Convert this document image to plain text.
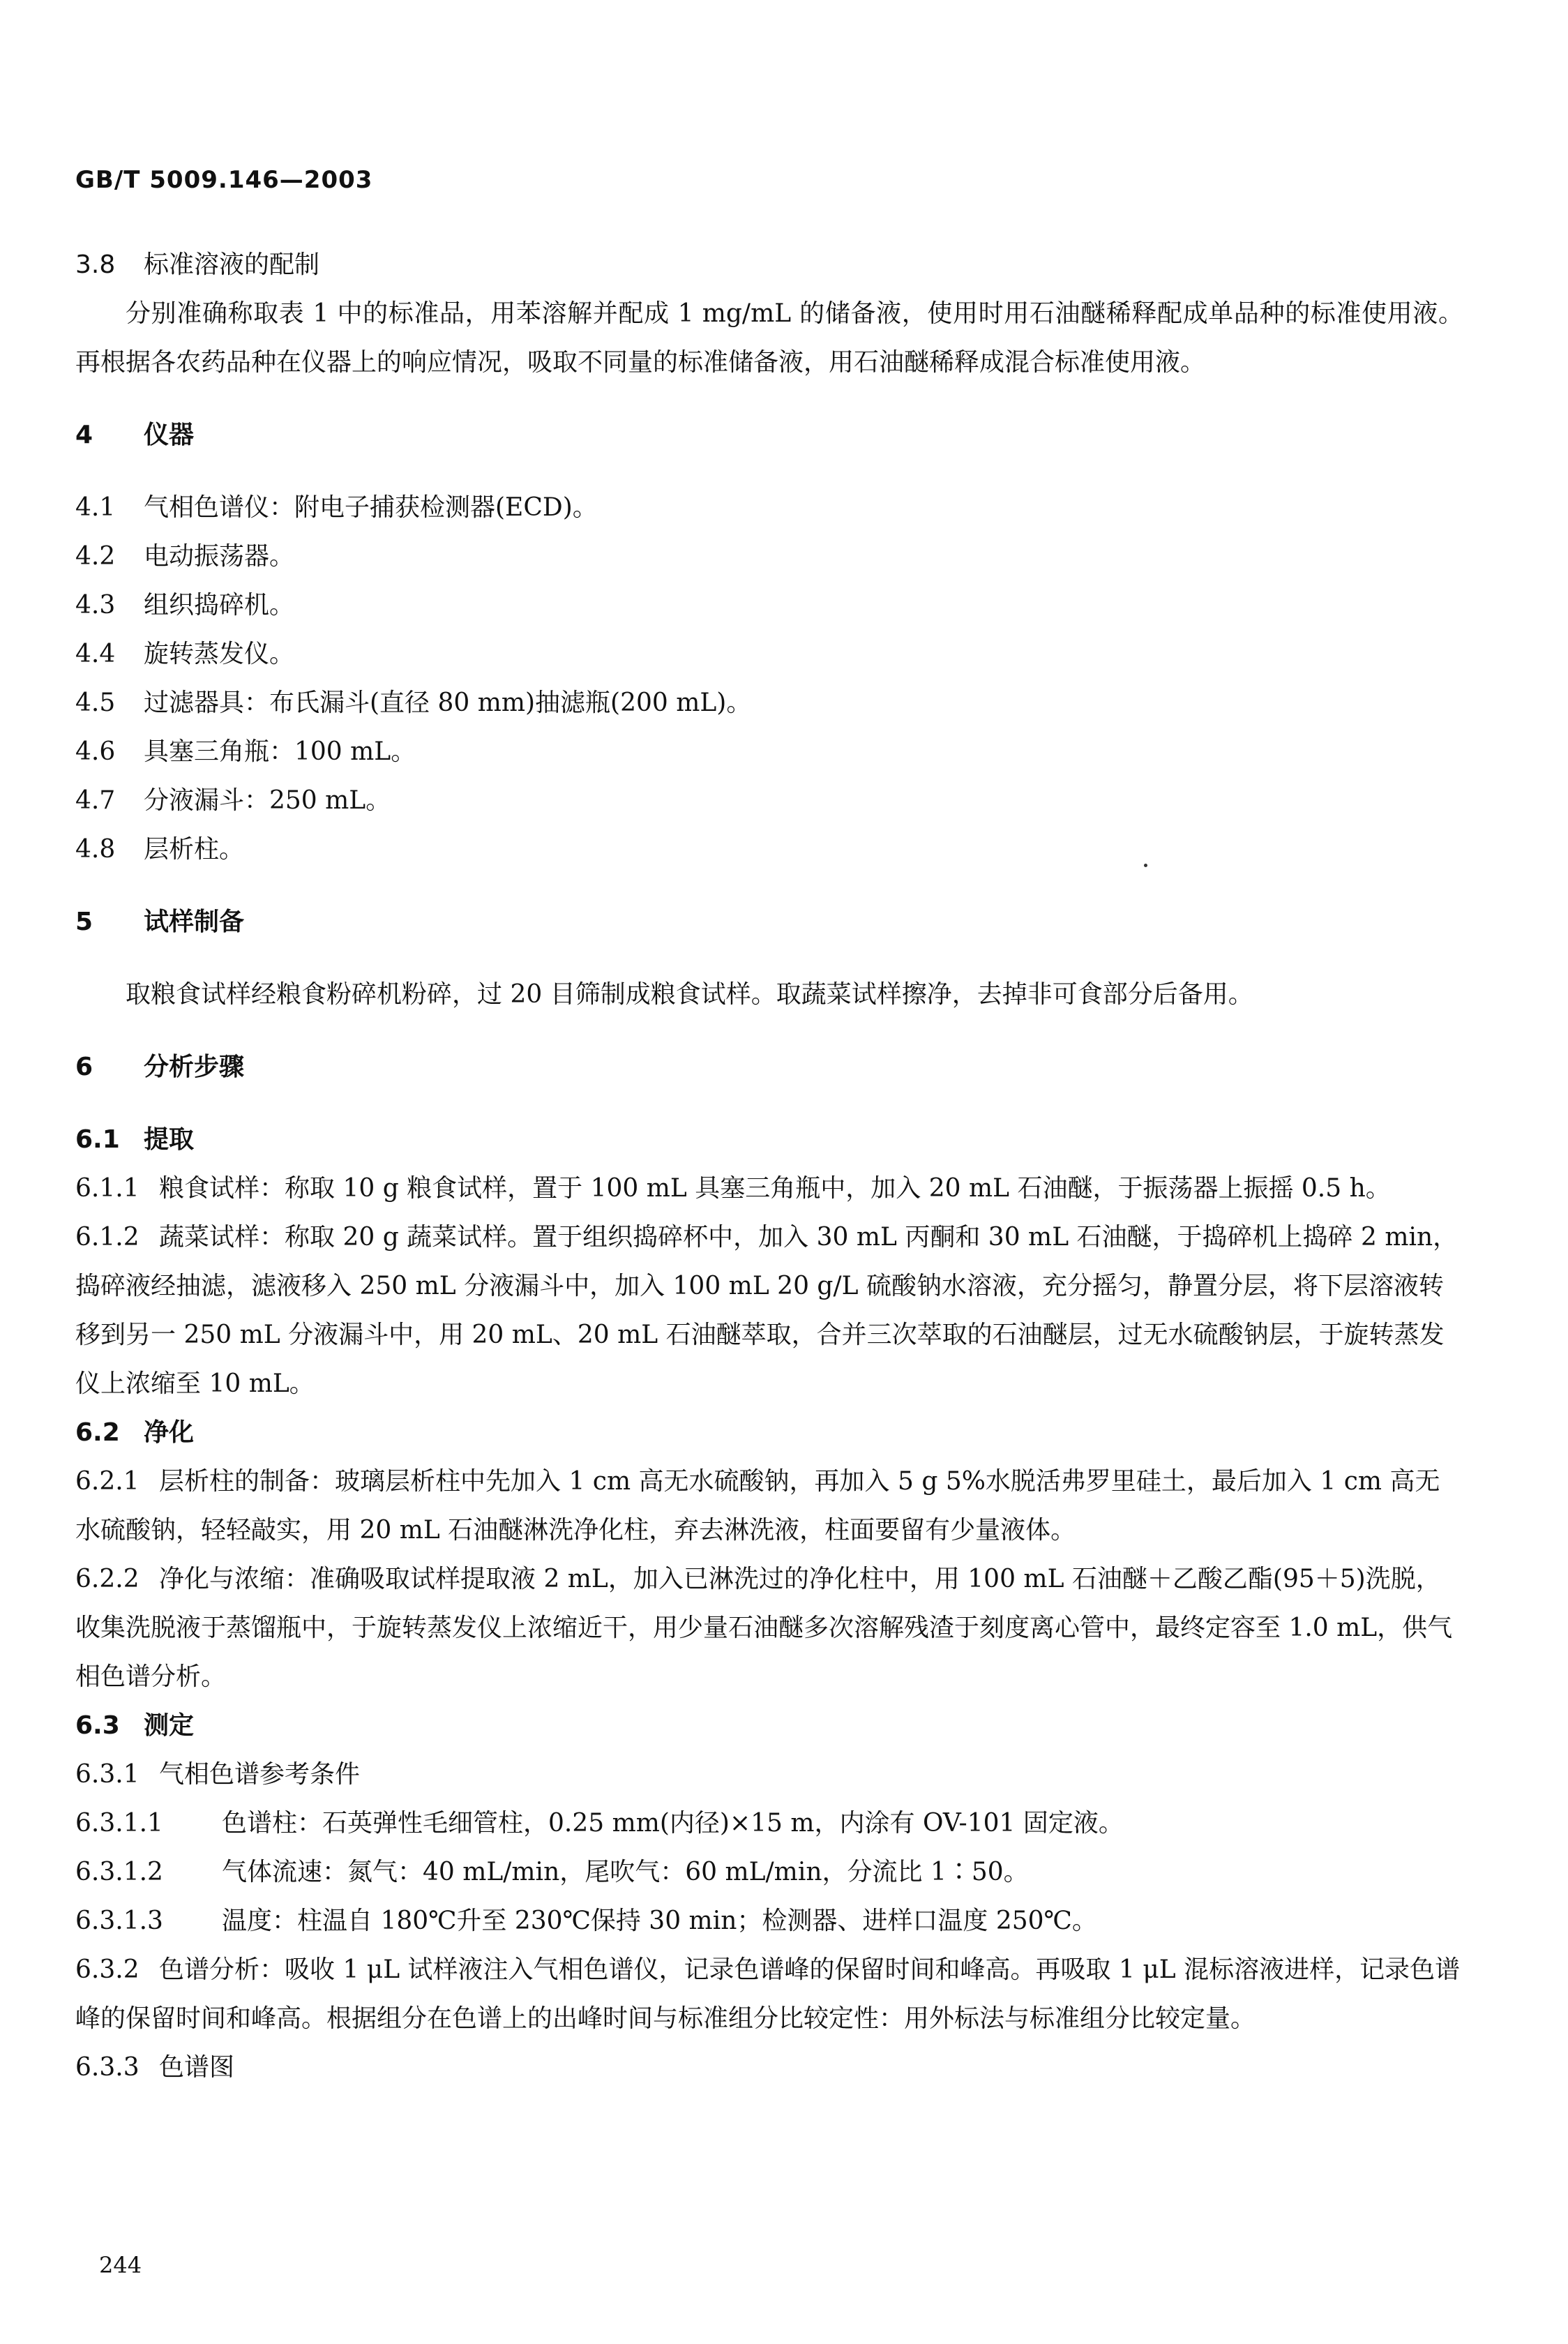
GB/T 5009.146—2003
3.8 标准溶液的配制
分别准确称取表 1 中的标准品，用苯溶解并配成 1 mg/mL 的储备液，使用时用石油醚稀释配成单品种的标准使用液。再根据各农药品种在仪器上的响应情况，吸取不同量的标准储备液，用石油醚稀释成混合标准使用液。
4 仪器
4.1 气相色谱仪：附电子捕获检测器(ECD)。
4.2 电动振荡器。
4.3 组织捣碎机。
4.4 旋转蒸发仪。
4.5 过滤器具：布氏漏斗(直径 80 mm)抽滤瓶(200 mL)。
4.6 具塞三角瓶：100 mL。
4.7 分液漏斗：250 mL。
4.8 层析柱。
5 试样制备
取粮食试样经粮食粉碎机粉碎，过 20 目筛制成粮食试样。取蔬菜试样擦净，去掉非可食部分后备用。
6 分析步骤
6.1 提取
6.1.1 粮食试样：称取 10 g 粮食试样，置于 100 mL 具塞三角瓶中，加入 20 mL 石油醚，于振荡器上振摇 0.5 h。
6.1.2 蔬菜试样：称取 20 g 蔬菜试样。置于组织捣碎杯中，加入 30 mL 丙酮和 30 mL 石油醚，于捣碎机上捣碎 2 min，捣碎液经抽滤，滤液移入 250 mL 分液漏斗中，加入 100 mL 20 g/L 硫酸钠水溶液，充分摇匀，静置分层，将下层溶液转移到另一 250 mL 分液漏斗中，用 20 mL、20 mL 石油醚萃取，合并三次萃取的石油醚层，过无水硫酸钠层，于旋转蒸发仪上浓缩至 10 mL。
6.2 净化
6.2.1 层析柱的制备：玻璃层析柱中先加入 1 cm 高无水硫酸钠，再加入 5 g 5%水脱活弗罗里硅土，最后加入 1 cm 高无水硫酸钠，轻轻敲实，用 20 mL 石油醚淋洗净化柱，弃去淋洗液，柱面要留有少量液体。
6.2.2 净化与浓缩：准确吸取试样提取液 2 mL，加入已淋洗过的净化柱中，用 100 mL 石油醚＋乙酸乙酯(95＋5)洗脱，收集洗脱液于蒸馏瓶中，于旋转蒸发仪上浓缩近干，用少量石油醚多次溶解残渣于刻度离心管中，最终定容至 1.0 mL，供气相色谱分析。
6.3 测定
6.3.1 气相色谱参考条件
6.3.1.1 色谱柱：石英弹性毛细管柱，0.25 mm(内径)×15 m，内涂有 OV-101 固定液。
6.3.1.2 气体流速：氮气：40 mL/min，尾吹气：60 mL/min，分流比 1∶50。
6.3.1.3 温度：柱温自 180℃升至 230℃保持 30 min；检测器、进样口温度 250℃。
6.3.2 色谱分析：吸收 1 μL 试样液注入气相色谱仪，记录色谱峰的保留时间和峰高。再吸取 1 μL 混标溶液进样，记录色谱峰的保留时间和峰高。根据组分在色谱上的出峰时间与标准组分比较定性：用外标法与标准组分比较定量。
6.3.3 色谱图
244
